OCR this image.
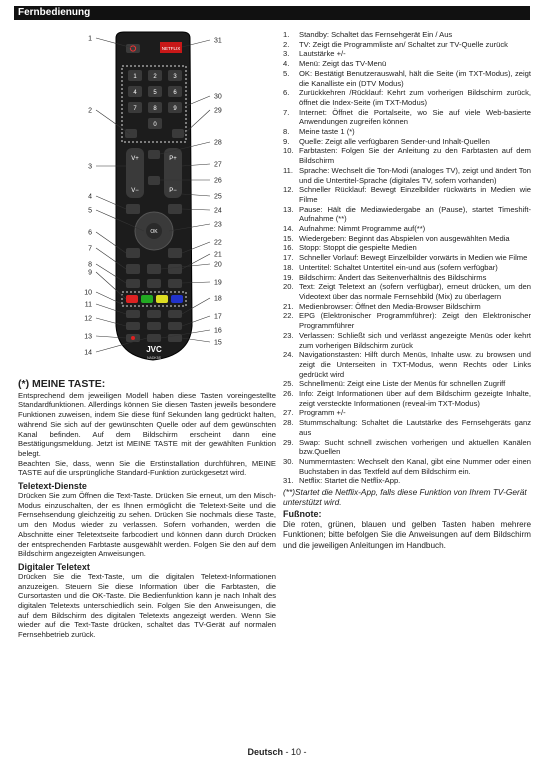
Fernbedienung
NETFLIX
1	2	3
4	5	6
7	8	9
0
V+
V−
P+
P−
OK
JVC
NADK5S
1
2
3
4
5
6
7
8
9
10
11
12
13
14
31
30
29
28
27
26
25
24
23
22
21
20
19
18
17
16
15
(*) MEINE TASTE:

Entsprechend dem jeweiligen Modell haben diese Tasten voreingestellte Standardfunktionen. Allerdings können Sie diesen Tasten jeweils besondere Funktionen zuweisen, indem Sie diese fünf Sekunden lang gedrückt halten, während Sie sich auf der gewünschten Quelle oder auf dem gewünschten Kanal befinden. Auf dem Bildschirm erscheint dann eine Bestätigungsmeldung. Jetzt ist MEINE TASTE mit der gewählten Funktion belegt.

Beachten Sie, dass, wenn Sie die Erstinstallation durchführen, MEINE TASTE auf die ursprüngliche Standard-Funktion zurückgesetzt wird.

Teletext-Dienste

Drücken Sie zum Öffnen die Text-Taste. Drücken Sie erneut, um den Misch-Modus einzuschalten, der es Ihnen ermöglicht die Teletext-Seite und die Fernsehsendung gleichzeitig zu sehen. Drücken Sie nochmals diese Taste, um den Modus wieder zu verlassen. Sofern vorhanden, werden die Abschnitte einer Teletextseite farbcodiert und können dann durch Drücken der entsprechenden Farbtaste ausgewählt werden. Folgen Sie den auf dem Bildschirm angezeigten Anweisungen.

Digitaler Teletext

Drücken Sie die Text-Taste, um die digitalen Teletext-Informationen anzuzeigen. Steuern Sie diese Information über die Farbtasten, die Cursortasten und die OK-Taste. Die Bedienfunktion kann je nach Inhalt des digitalen Teletexts unterschiedlich sein. Folgen Sie den Anweisungen, die auf dem Bildschirm des digitalen Teletexts angezeigt werden. Wenn Sie wieder auf die Text-Taste drücken, schaltet das TV-Gerät auf normalen Fernsehbetrieb zurück.

1.	Standby: Schaltet das Fernsehgerät Ein / Aus
2.	TV: Zeigt die Programmliste an/ Schaltet zur TV-Quelle zurück
3.	Lautstärke +/-
4.	Menü: Zeigt das TV-Menü
5.	OK: Bestätigt Benutzerauswahl, hält die Seite (im TXT-Modus), zeigt die Kanalliste ein (DTV Modus)
6.	Zurückkehren /Rücklauf: Kehrt zum vorherigen Bildschirm zurück, öffnet die Index-Seite (im TXT-Modus)
7.	Internet: Öffnet die Portalseite, wo Sie auf viele Web-basierte Anwendungen zugreifen können
8.	Meine taste 1 (*)
9.	Quelle: Zeigt alle verfügbaren Sender-und Inhalt-Quellen
10. Farbtasten: Folgen Sie der Anleitung zu den Farbtasten auf dem Bildschirm
11. Sprache: Wechselt die Ton-Modi (analoges TV), zeigt und ändert Ton und die Untertitel-Sprache (digitales TV, sofern vorhanden)
12. Schneller Rücklauf: Bewegt Einzelbilder rückwärts in Medien wie Filme
13. Pause: Hält die Mediawiedergabe an (Pause), startet Timeshift-Aufnahme (**)
14. Aufnahme: Nimmt Programme auf(**)
15. Wiedergeben: Beginnt das Abspielen von ausgewählten Media
16. Stopp: Stoppt die gespielte Medien
17. Schneller Vorlauf: Bewegt Einzelbilder vorwärts in Medien wie Filme
18. Untertitel: Schaltet Untertitel ein-und aus (sofern verfügbar)
19. Bildschirm: Ändert das Seitenverhältnis des Bildschirms
20. Text: Zeigt Teletext an (sofern verfügbar), erneut drücken, um den Videotext über das normale Fernsehbild (Mix) zu überlagern
21. Medienbrowser: Öffnet den Media-Browser Bildschirm
22. EPG (Elektronischer Programmführer): Zeigt den Elektronischer Programmführer
23. Verlassen: Schließt sich und verlässt angezeigte Menüs oder kehrt zum vorherigen Bildschirm zurück
24. Navigationstasten: Hilft durch Menüs, Inhalte usw. zu browsen und zeigt die Unterseiten in TXT-Modus, wenn Rechts oder Links gedrückt wird
25. Schnellmenü: Zeigt eine Liste der Menüs für schnellen Zugriff
26. Info: Zeigt Informationen über auf dem Bildschirm gezeigte Inhalte, zeigt versteckte Informationen (reveal-im TXT-Modus)
27. Programm +/-
28. Stummschaltung: Schaltet die Lautstärke des Fernsehgeräts ganz aus
29. Swap: Sucht schnell zwischen vorherigen und aktuellen Kanälen bzw.Quellen
30. Nummerntasten: Wechselt den Kanal, gibt eine Nummer oder einen Buchstaben in das Textfeld auf dem Bildschirm ein.
31. Netflix: Startet die Netflix-App.
(**)Startet die Netflix-App, falls diese Funktion von Ihrem TV-Gerät unterstützt wird.
Fußnote:
Die roten, grünen, blauen und gelben Tasten haben mehrere Funktionen; bitte befolgen Sie die Anweisungen auf dem Bildschirm und die jeweiligen Anleitungen im Handbuch.
Deutsch - 10 -
